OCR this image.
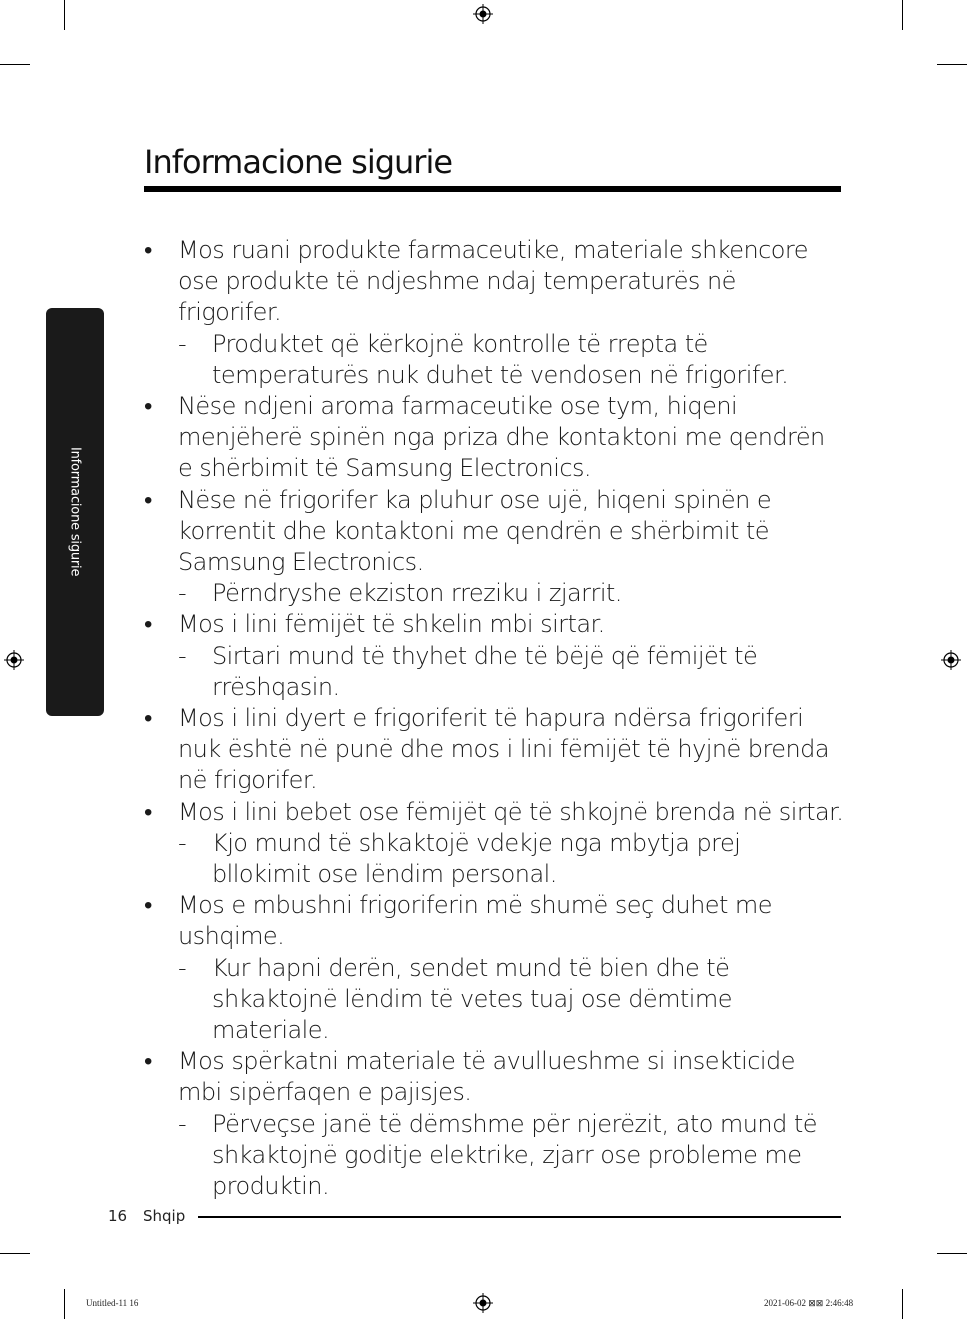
Informacione sigurie
Informacione sigurie
•	Mos ruani produkte farmaceutike, materiale shkencore ose produkte të ndjeshme ndaj temperaturës në frigorifer.
-	Produktet që kërkojnë kontrolle të rrepta të temperaturës nuk duhet të vendosen në frigorifer.
•	Nëse ndjeni aroma farmaceutike ose tym, hiqeni menjëherë spinën nga priza dhe kontaktoni me qendrën e shërbimit të Samsung Electronics.
•	Nëse në frigorifer ka pluhur ose ujë, hiqeni spinën e korrentit dhe kontaktoni me qendrën e shërbimit të Samsung Electronics.
-	Përndryshe ekziston rreziku i zjarrit.
•	Mos i lini fëmijët të shkelin mbi sirtar.
-	Sirtari mund të thyhet dhe të bëjë që fëmijët të rrëshqasin.
•	Mos i lini dyert e frigoriferit të hapura ndërsa frigoriferi nuk është në punë dhe mos i lini fëmijët të hyjnë brenda në frigorifer.
•	Mos i lini bebet ose fëmijët që të shkojnë brenda në sirtar.
-	Kjo mund të shkaktojë vdekje nga mbytja prej bllokimit ose lëndim personal.
•	Mos e mbushni frigoriferin më shumë seç duhet me ushqime.
-	Kur hapni derën, sendet mund të bien dhe të shkaktojnë lëndim të vetes tuaj ose dëmtime materiale.
•	Mos spërkatni materiale të avullueshme si insekticide mbi sipërfaqen e pajisjes.
-	Përveçse janë të dëmshme për njerëzit, ato mund të shkaktojnë goditje elektrike, zjarr ose probleme me produktin.
16 Shqip
Untitled-11 16	2021-06-02 ⊠⊠ 2:46:48
